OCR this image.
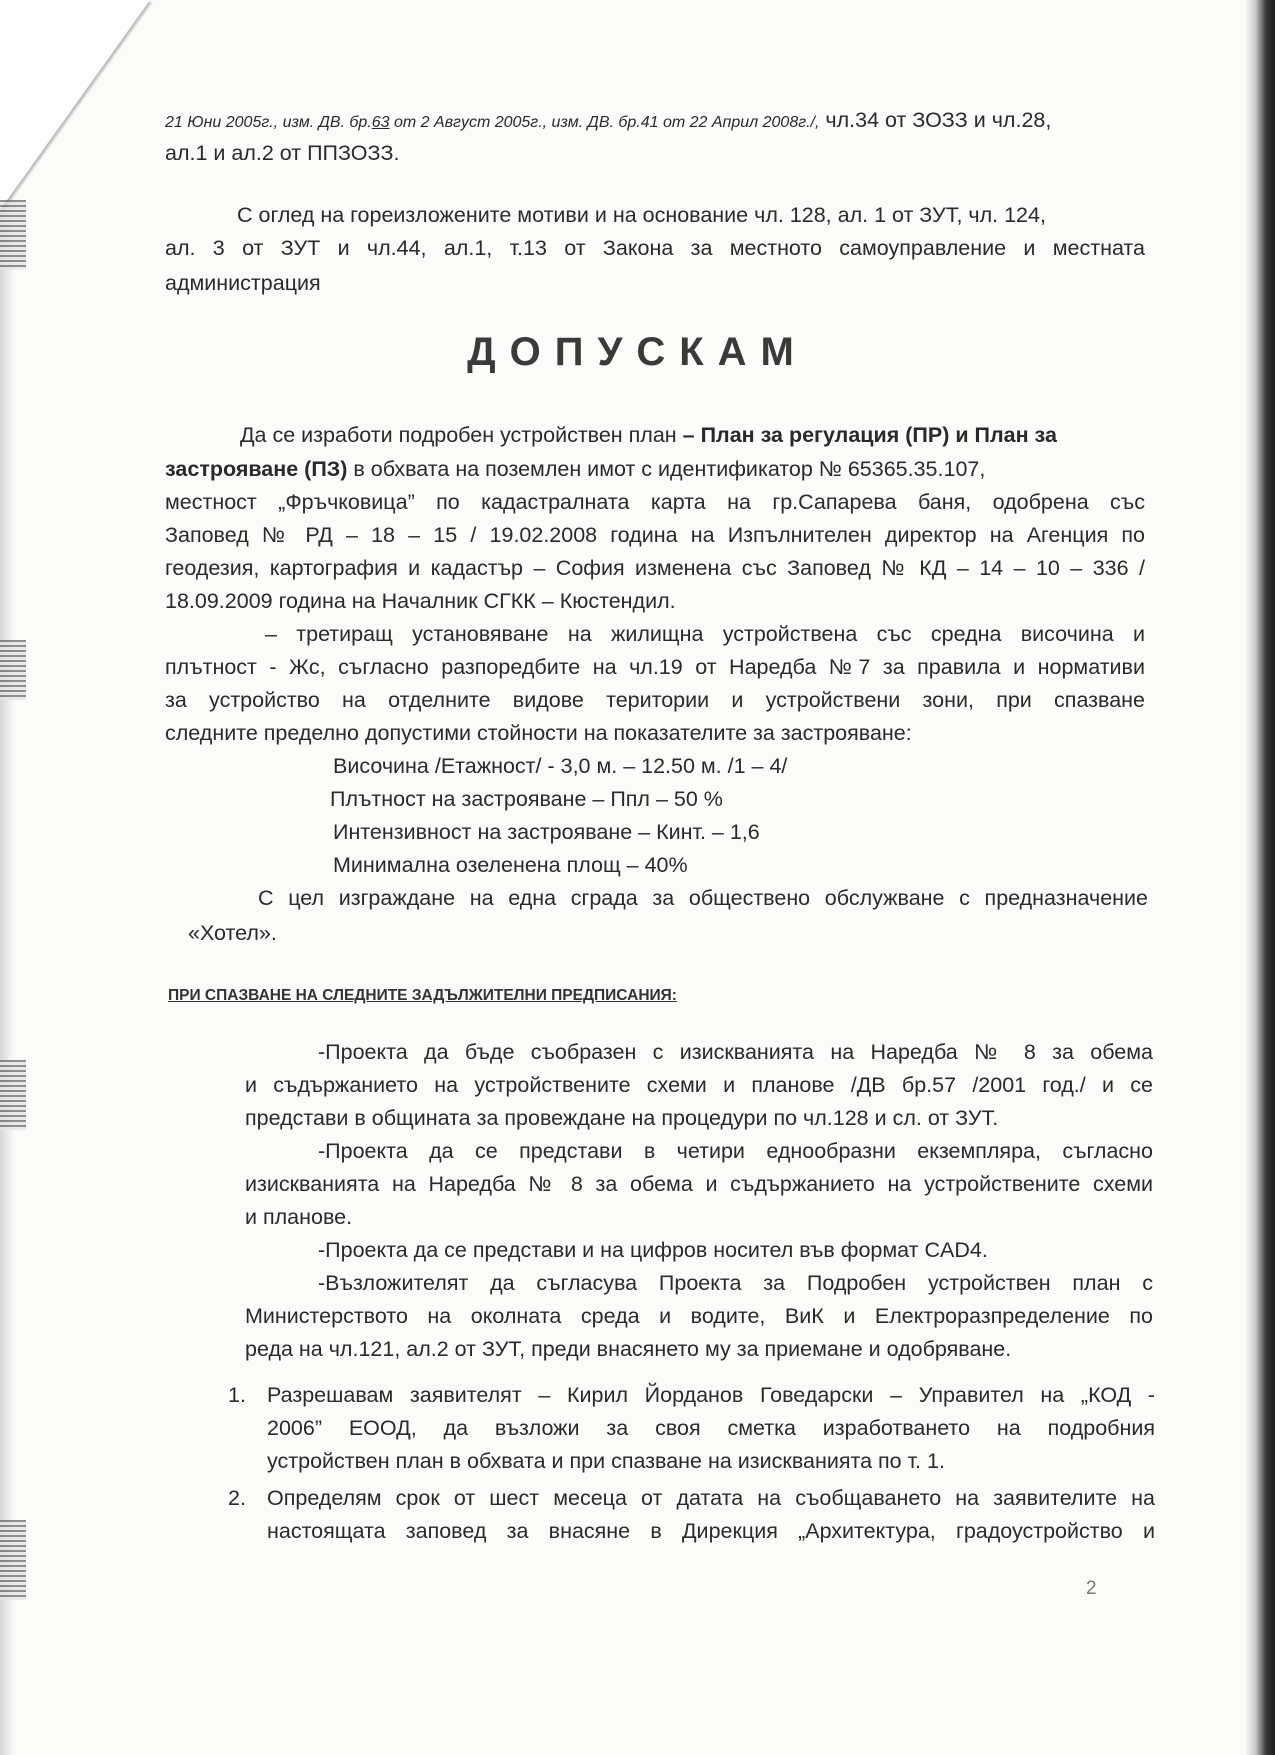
21 Юни 2005г., изм. ДВ. бр.63 от 2 Август 2005г., изм. ДВ. бр.41 от 22 Април 2008г./, чл.34 от ЗОЗЗ и чл.28,

ал.1 и ал.2 от ППЗОЗЗ.

С оглед на гореизложените мотиви и на основание чл. 128, ал. 1 от ЗУТ, чл. 124,

ал. 3 от ЗУТ и чл.44, ал.1, т.13 от Закона за местното самоуправление и местната

администрация

ДОПУСКАМ

Да се изработи подробен устройствен план – План за регулация (ПР) и План за

застрояване (ПЗ) в обхвата на поземлен имот с идентификатор № 65365.35.107,

местност „Фръчковица” по кадастралната карта на гр.Сапарева баня, одобрена със

Заповед № РД – 18 – 15 / 19.02.2008 година на Изпълнителен директор на Агенция по

геодезия, картография и кадастър – София изменена със Заповед № КД – 14 – 10 – 336 /

18.09.2009 година на Началник СГКК – Кюстендил.

– третиращ установяване на жилищна устройствена със средна височина и

плътност - Жс, съгласно разпоредбите на чл.19 от Наредба №7 за правила и нормативи

за устройство на отделните видове територии и устройствени зони, при спазване

следните пределно допустими стойности на показателите за застрояване:

Височина /Етажност/ - 3,0 м. – 12.50 м. /1 – 4/

Плътност на застрояване – Ппл – 50 %

Интензивност на застрояване – Кинт. – 1,6

Минимална озеленена площ – 40%

С цел изграждане на една сграда за обществено обслужване с предназначение

«Хотел».

ПРИ СПАЗВАНЕ НА СЛЕДНИТЕ ЗАДЪЛЖИТЕЛНИ ПРЕДПИСАНИЯ:

-Проекта да бъде съобразен с изискванията на Наредба № 8 за обема

и съдържанието на устройствените схеми и планове /ДВ бр.57 /2001 год./ и се

представи в общината за провеждане на процедури по чл.128 и сл. от ЗУТ.

-Проекта да се представи в четири еднообразни екземпляра, съгласно

изискванията на Наредба № 8 за обема и съдържанието на устройствените схеми

и планове.

-Проекта да се представи и на цифров носител във формат CAD4.

-Възложителят да съгласува Проекта за Подробен устройствен план с

Министерството на околната среда и водите, ВиК и Електроразпределение по

реда на чл.121, ал.2 от ЗУТ, преди внасянето му за приемане и одобряване.

1. Разрешавам заявителят – Кирил Йорданов Говедарски – Управител на „КОД -

2006” ЕООД, да възложи за своя сметка изработването на подробния

устройствен план в обхвата и при спазване на изискванията по т. 1.

2. Определям срок от шест месеца от датата на съобщаването на заявителите на

настоящата заповед за внасяне в Дирекция „Архитектура, градоустройство и

2
